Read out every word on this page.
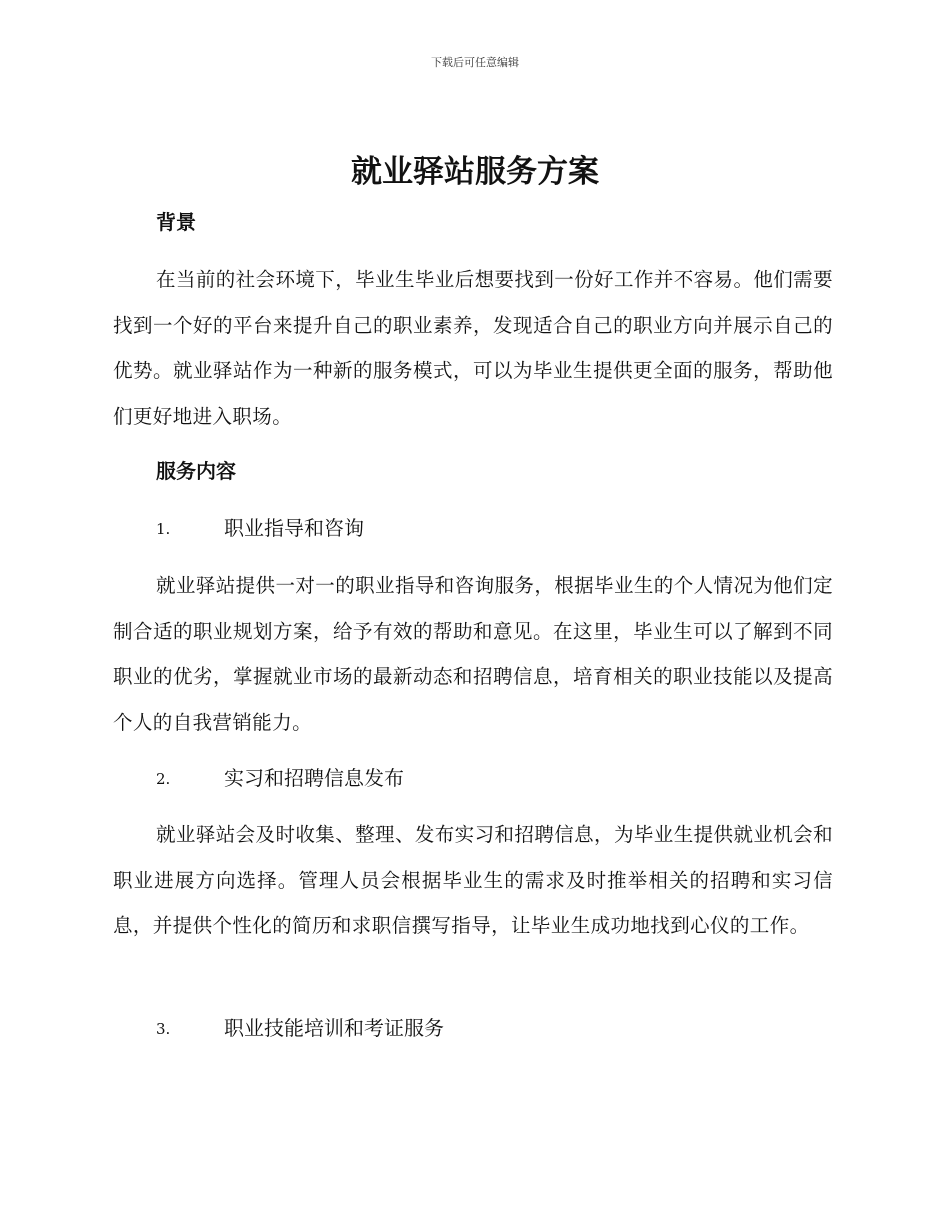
下载后可任意编辑
就业驿站服务方案
背景

在当前的社会环境下，毕业生毕业后想要找到一份好工作并不容易。他们需要找到一个好的平台来提升自己的职业素养，发现适合自己的职业方向并展示自己的优势。就业驿站作为一种新的服务模式，可以为毕业生提供更全面的服务，帮助他们更好地进入职场。

服务内容
1.	职业指导和咨询

就业驿站提供一对一的职业指导和咨询服务，根据毕业生的个人情况为他们定制合适的职业规划方案，给予有效的帮助和意见。在这里，毕业生可以了解到不同职业的优劣，掌握就业市场的最新动态和招聘信息，培育相关的职业技能以及提高个人的自我营销能力。

2.	实习和招聘信息发布

就业驿站会及时收集、整理、发布实习和招聘信息，为毕业生提供就业机会和职业进展方向选择。管理人员会根据毕业生的需求及时推举相关的招聘和实习信息，并提供个性化的简历和求职信撰写指导，让毕业生成功地找到心仪的工作。

3.	职业技能培训和考证服务
